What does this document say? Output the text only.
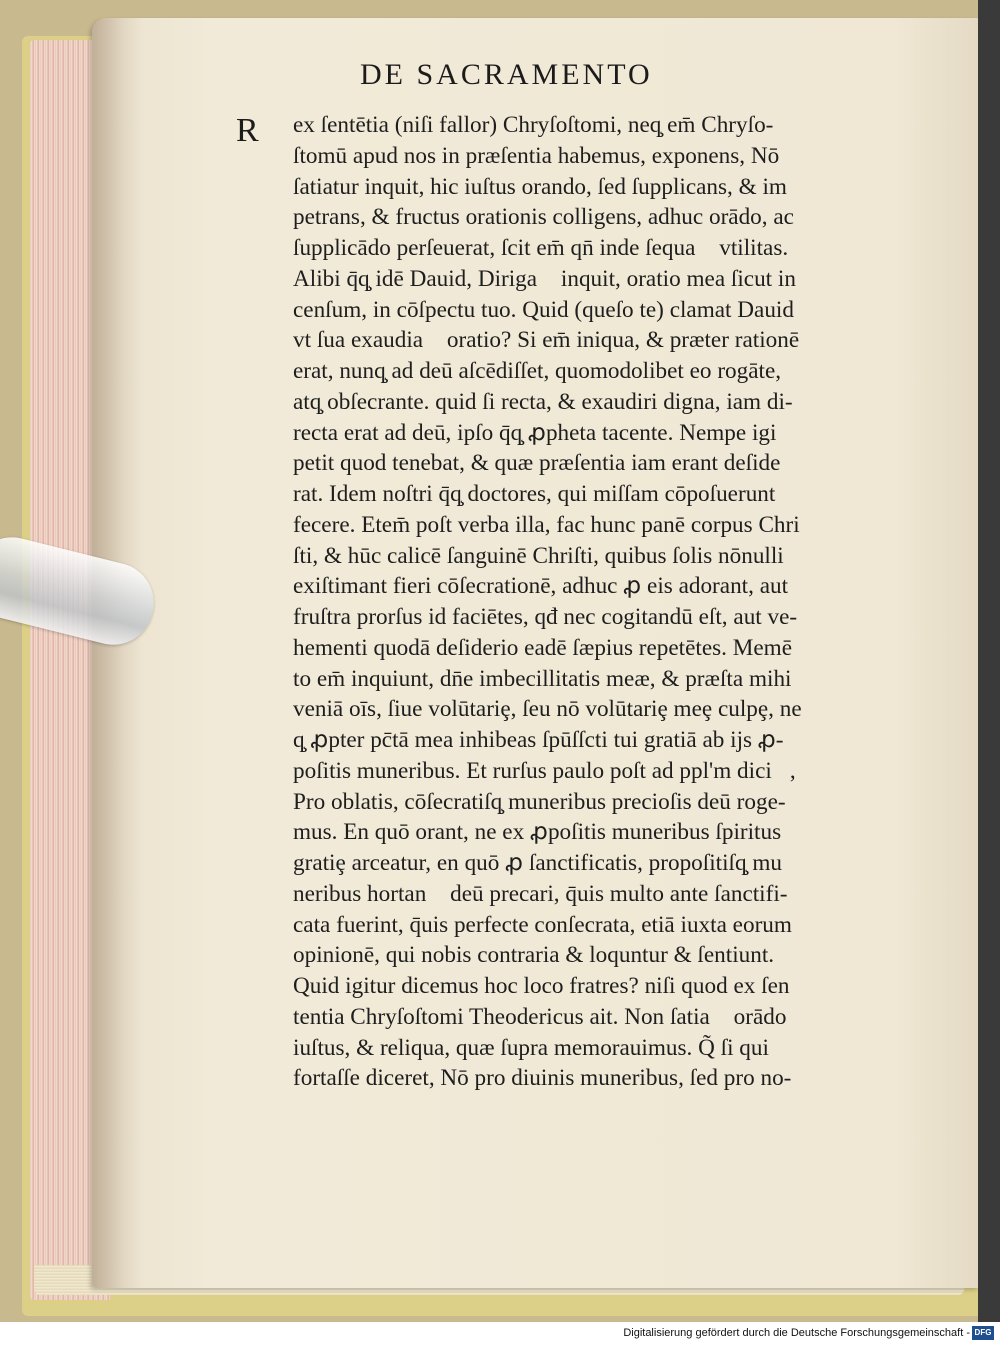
DE SACRAMENTO
R ex ſentētia (niſi fallor) Chryſoſtomi, neq̧ em̄ Chryſo-
ſtomū apud nos in præſentia habemus, exponens, Nō
ſatiatur inquit, hic iuſtus orando, ſed ſupplicans, & im
petrans, & fructus orationis colligens, adhuc orādo, ac
ſupplicādo perſeuerat, ſcit em̄ qn̄ inde ſequaᷓ vtilitas.
Alibi q̄q̧ idē Dauid, Dirigaᷓ inquit, oratio mea ſicut in
cenſum, in cōſpectu tuo. Quid (queſo te) clamat Dauid
vt ſua exaudiaᷓ oratio? Si em̄ iniqua, & præter rationē
erat, nunq̧ ad deū aſcēdiſſet, quomodolibet eo rogāte,
atq̧ obſecrante. quid ſi recta, & exaudiri digna, iam di-
recta erat ad deū, ipſo q̄q̧ ꝓpheta tacente. Nempe igiᷓ
petit quod tenebat, & quæ præſentia iam erant deſide
rat. Idem noſtri q̄q̧ doctores, qui miſſam cōpoſuerunt
fecere. Etem̄ poſt verba illa, fac hunc panē corpus Chri
ſti, & hūc calicē ſanguinē Chriſti, quibus ſolis nōnulli
exiſtimant fieri cōſecrationē, adhuc ꝓ eis adorant, aut
fruſtra prorſus id faciētes, qđ nec cogitandū eſt, aut ve-
hementi quodā deſiderio eadē ſæpius repetētes. Memē
to em̄ inquiunt, dn̄e imbecillitatis meæ, & præſta mihi
veniā oīs, ſiue volūtariȩ, ſeu nō volūtariȩ meȩ culpȩ, ne
q̧ ꝓpter pc̄tā mea inhibeas ſpūſſcti tui gratiā ab ijs ꝓ-
poſitis muneribus. Et rurſus paulo poſt ad ppl'm diciᷓ,
Pro oblatis, cōſecratiſq̧ muneribus precioſis deū roge-
mus. En quō orant, ne ex ꝓpoſitis muneribus ſpiritus
gratiȩ arceatur, en quō ꝓ ſanctificatis, propoſitiſq̧ mu
neribus hortanᷓ deū precari, q̄uis multo ante ſanctifi-
cata fuerint, q̄uis perfecte conſecrata, etiā iuxta eorum
opinionē, qui nobis contraria & loquntur & ſentiunt.
Quid igitur dicemus hoc loco fratres? niſi quod ex ſen
tentia Chryſoſtomi Theodericus ait. Non ſatiaᷓ orādo
iuſtus, & reliqua, quæ ſupra memorauimus. Q̃ ſi qui
fortaſſe diceret, Nō pro diuinis muneribus, ſed pro no-
Digitalisierung gefördert durch die Deutsche Forschungsgemeinschaft - DFG
